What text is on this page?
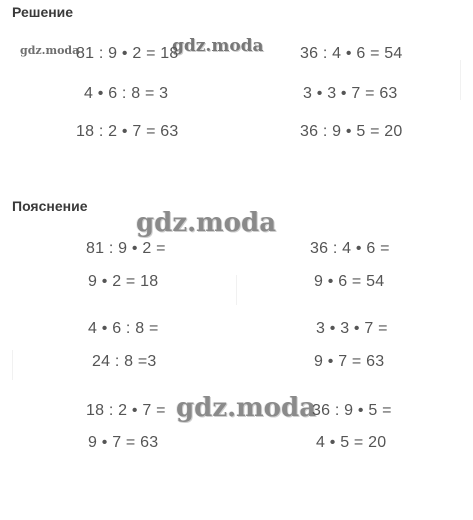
Решение
gdz.moda	gdz.moda
81 : 9 • 2 = 18	36 : 4 • 6 = 54
4 • 6 : 8 = 3	3 • 3 • 7 = 63
18 : 2 • 7 = 63	36 : 9 • 5 = 20
Пояснение
gdz.moda
81 : 9 • 2 =	36 : 4 • 6 =
9 • 2 = 18	9 • 6 = 54
4 • 6 : 8 =	3 • 3 • 7 =
24 : 8 =3	9 • 7 = 63
gdz.moda
18 : 2 • 7 =	36 : 9 • 5 =
9 • 7 = 63	4 • 5 = 20
